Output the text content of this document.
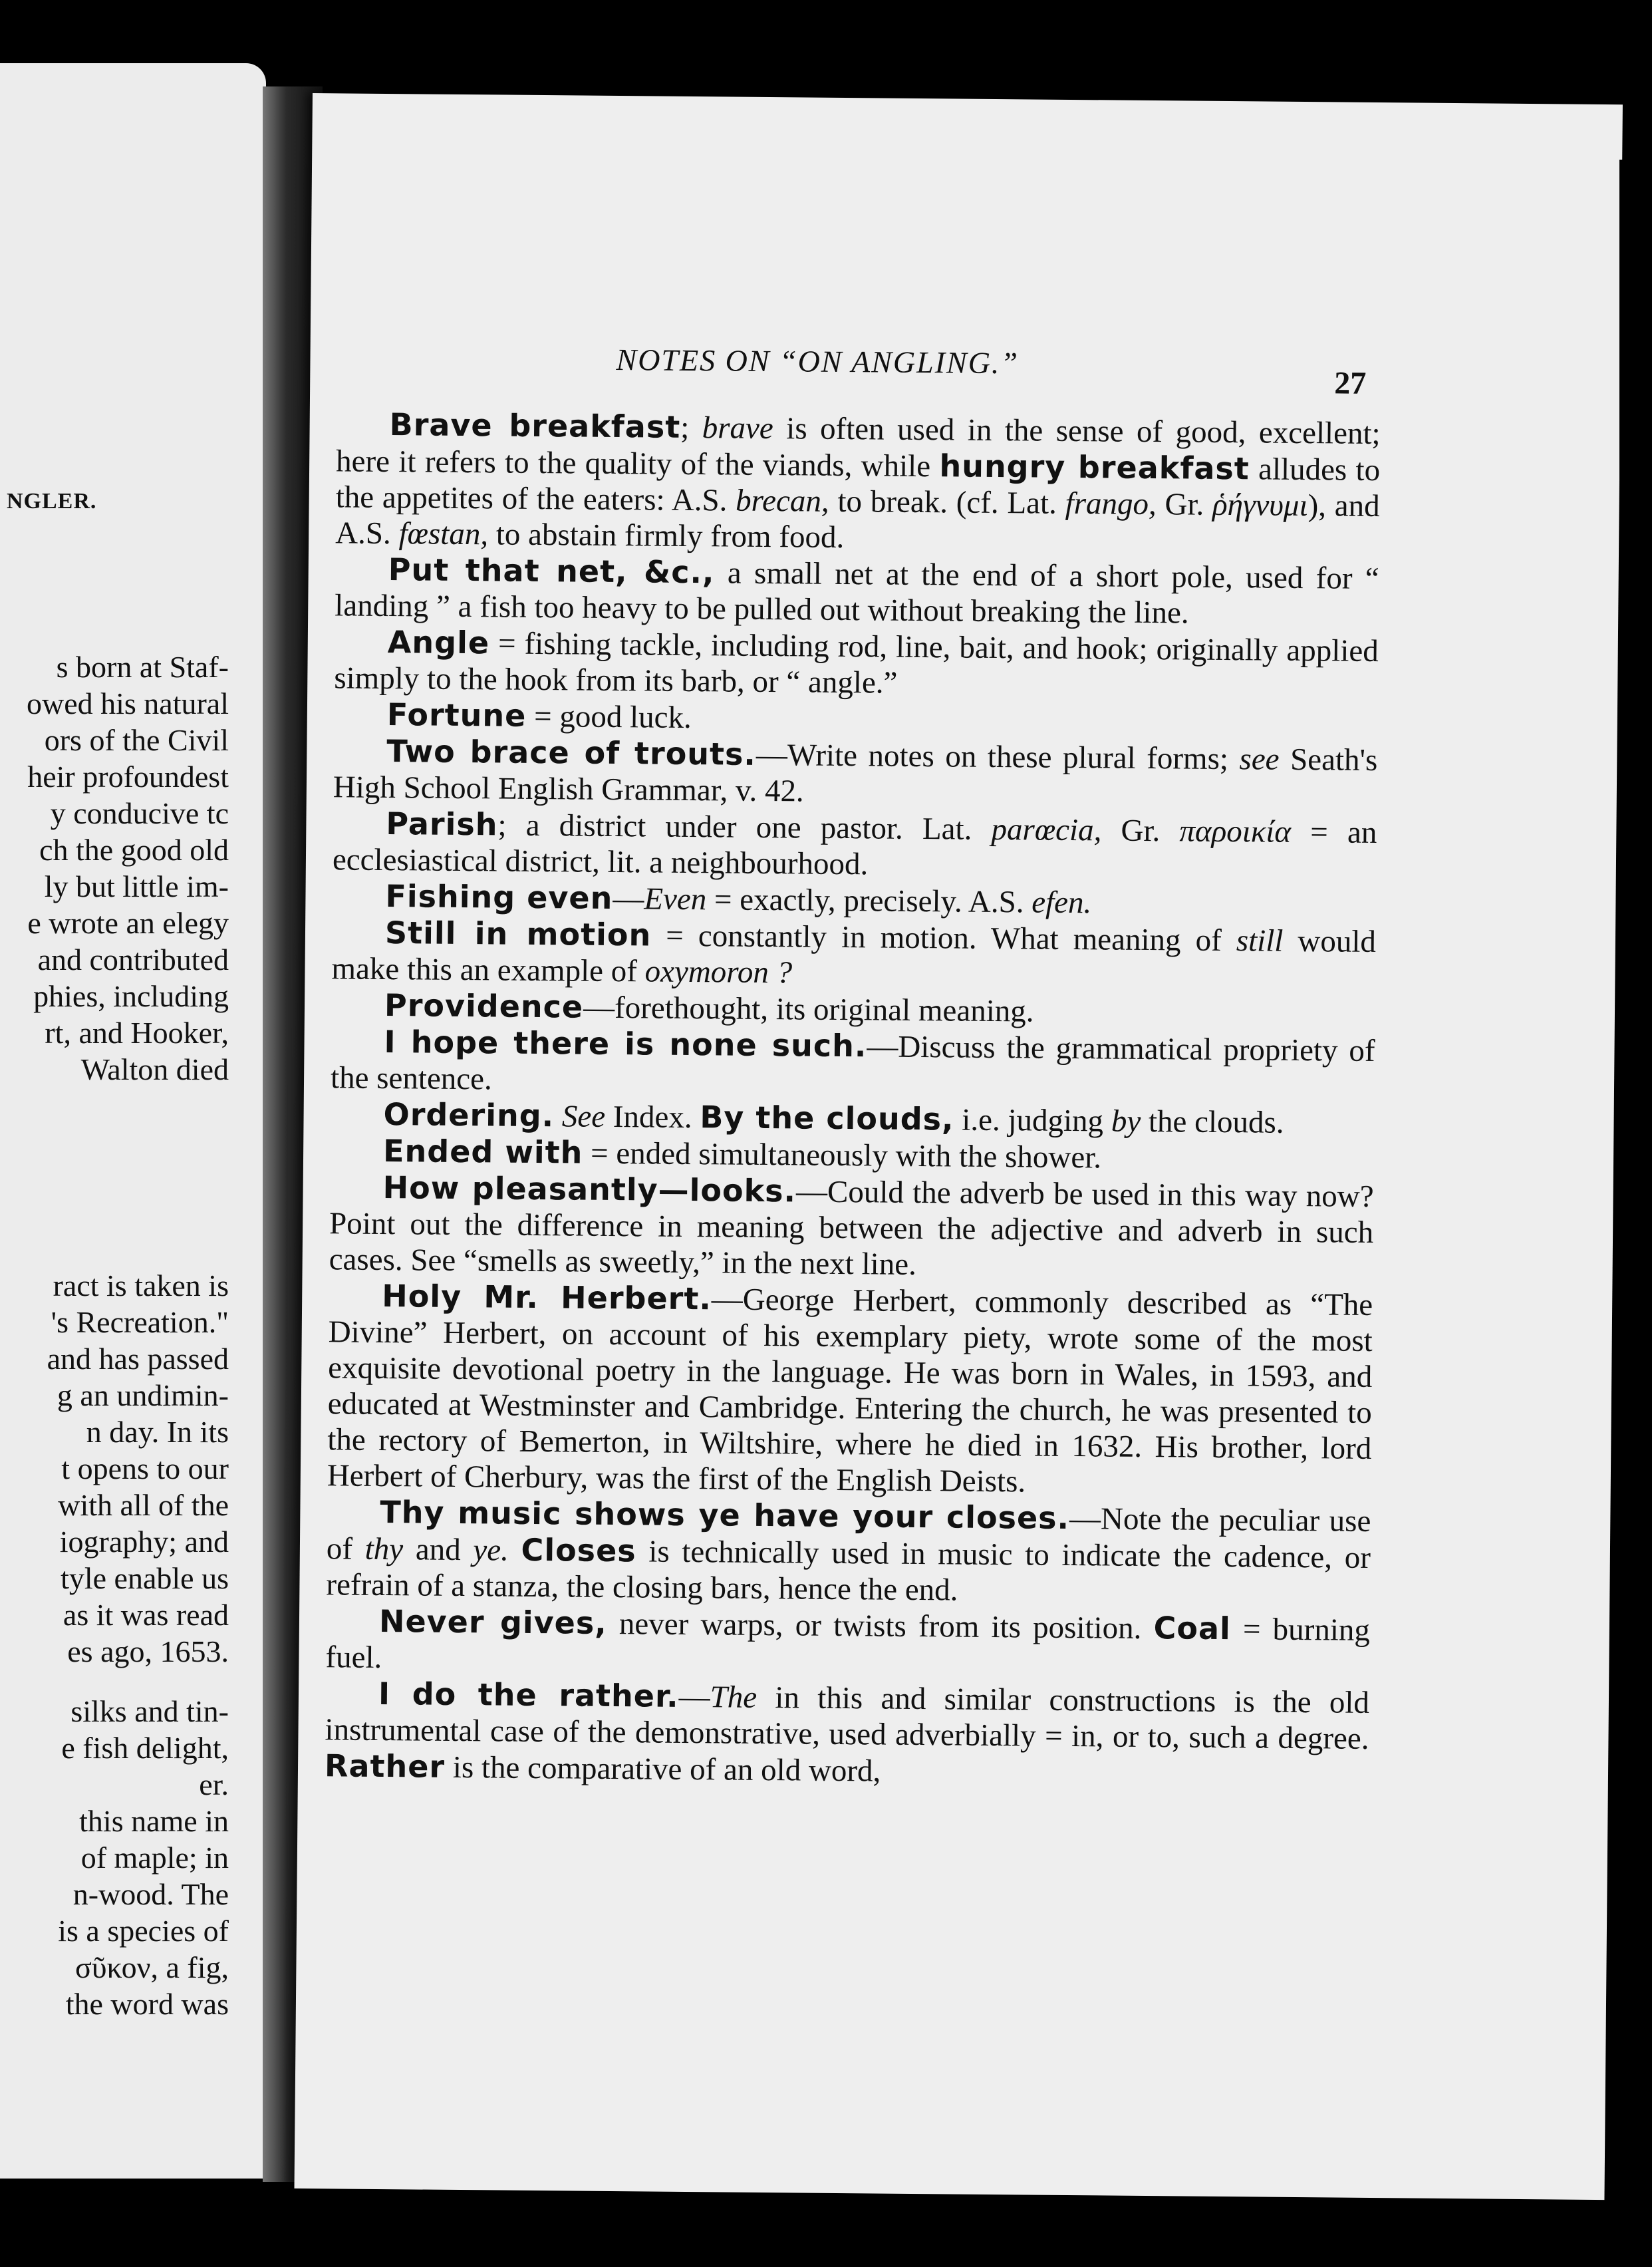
NGLER.
s born at Staf-
owed his natural
ors of the Civil
heir profoundest
y conducive tc
ch the good old
ly but little im-
e wrote an elegy
and contributed
phies, including
rt, and Hooker,
Walton died
ract is taken is
's Recreation."
and has passed
g an undimin-
n day. In its
t opens to our
with all of the
iography; and
tyle enable us
as it was read
es ago, 1653.
silks and tin-
e fish delight,
er.
this name in
of maple; in
n-wood. The
is a species of
σῦκον, a fig,
the word was
NOTES ON “ON ANGLING.”
27

Brave breakfast; brave is often used in the sense of good, excellent; here it refers to the quality of the viands, while hungry breakfast alludes to the appetites of the eaters: A.S. brecan, to break. (cf. Lat. frango, Gr. ῥήγνυμι), and A.S. fœstan, to abstain firmly from food.

Put that net, &c., a small net at the end of a short pole, used for “ landing ” a fish too heavy to be pulled out without breaking the line.

Angle = fishing tackle, including rod, line, bait, and hook; originally applied simply to the hook from its barb, or “ angle.”

Fortune = good luck.

Two brace of trouts.—Write notes on these plural forms; see Seath's High School English Grammar, v. 42.

Parish; a district under one pastor. Lat. parœcia, Gr. παροικία = an ecclesiastical district, lit. a neighbourhood.

Fishing even—Even = exactly, precisely. A.S. efen.

Still in motion = constantly in motion. What meaning of still would make this an example of oxymoron ?

Providence—forethought, its original meaning.

I hope there is none such.—Discuss the grammatical propriety of the sentence.

Ordering. See Index. By the clouds, i.e. judging by the clouds.

Ended with = ended simultaneously with the shower.

How pleasantly—looks.—Could the adverb be used in this way now? Point out the difference in meaning between the adjective and adverb in such cases. See “smells as sweetly,” in the next line.

Holy Mr. Herbert.—George Herbert, commonly described as “The Divine” Herbert, on account of his exemplary piety, wrote some of the most exquisite devotional poetry in the language. He was born in Wales, in 1593, and educated at Westminster and Cambridge. Entering the church, he was presented to the rectory of Bemerton, in Wiltshire, where he died in 1632. His brother, lord Herbert of Cherbury, was the first of the English Deists.

Thy music shows ye have your closes.—Note the peculiar use of thy and ye. Closes is technically used in music to indicate the cadence, or refrain of a stanza, the closing bars, hence the end.

Never gives, never warps, or twists from its position. Coal = burning fuel.

I do the rather.—The in this and similar constructions is the old instrumental case of the demonstrative, used adverbially = in, or to, such a degree. Rather is the comparative of an old word,
